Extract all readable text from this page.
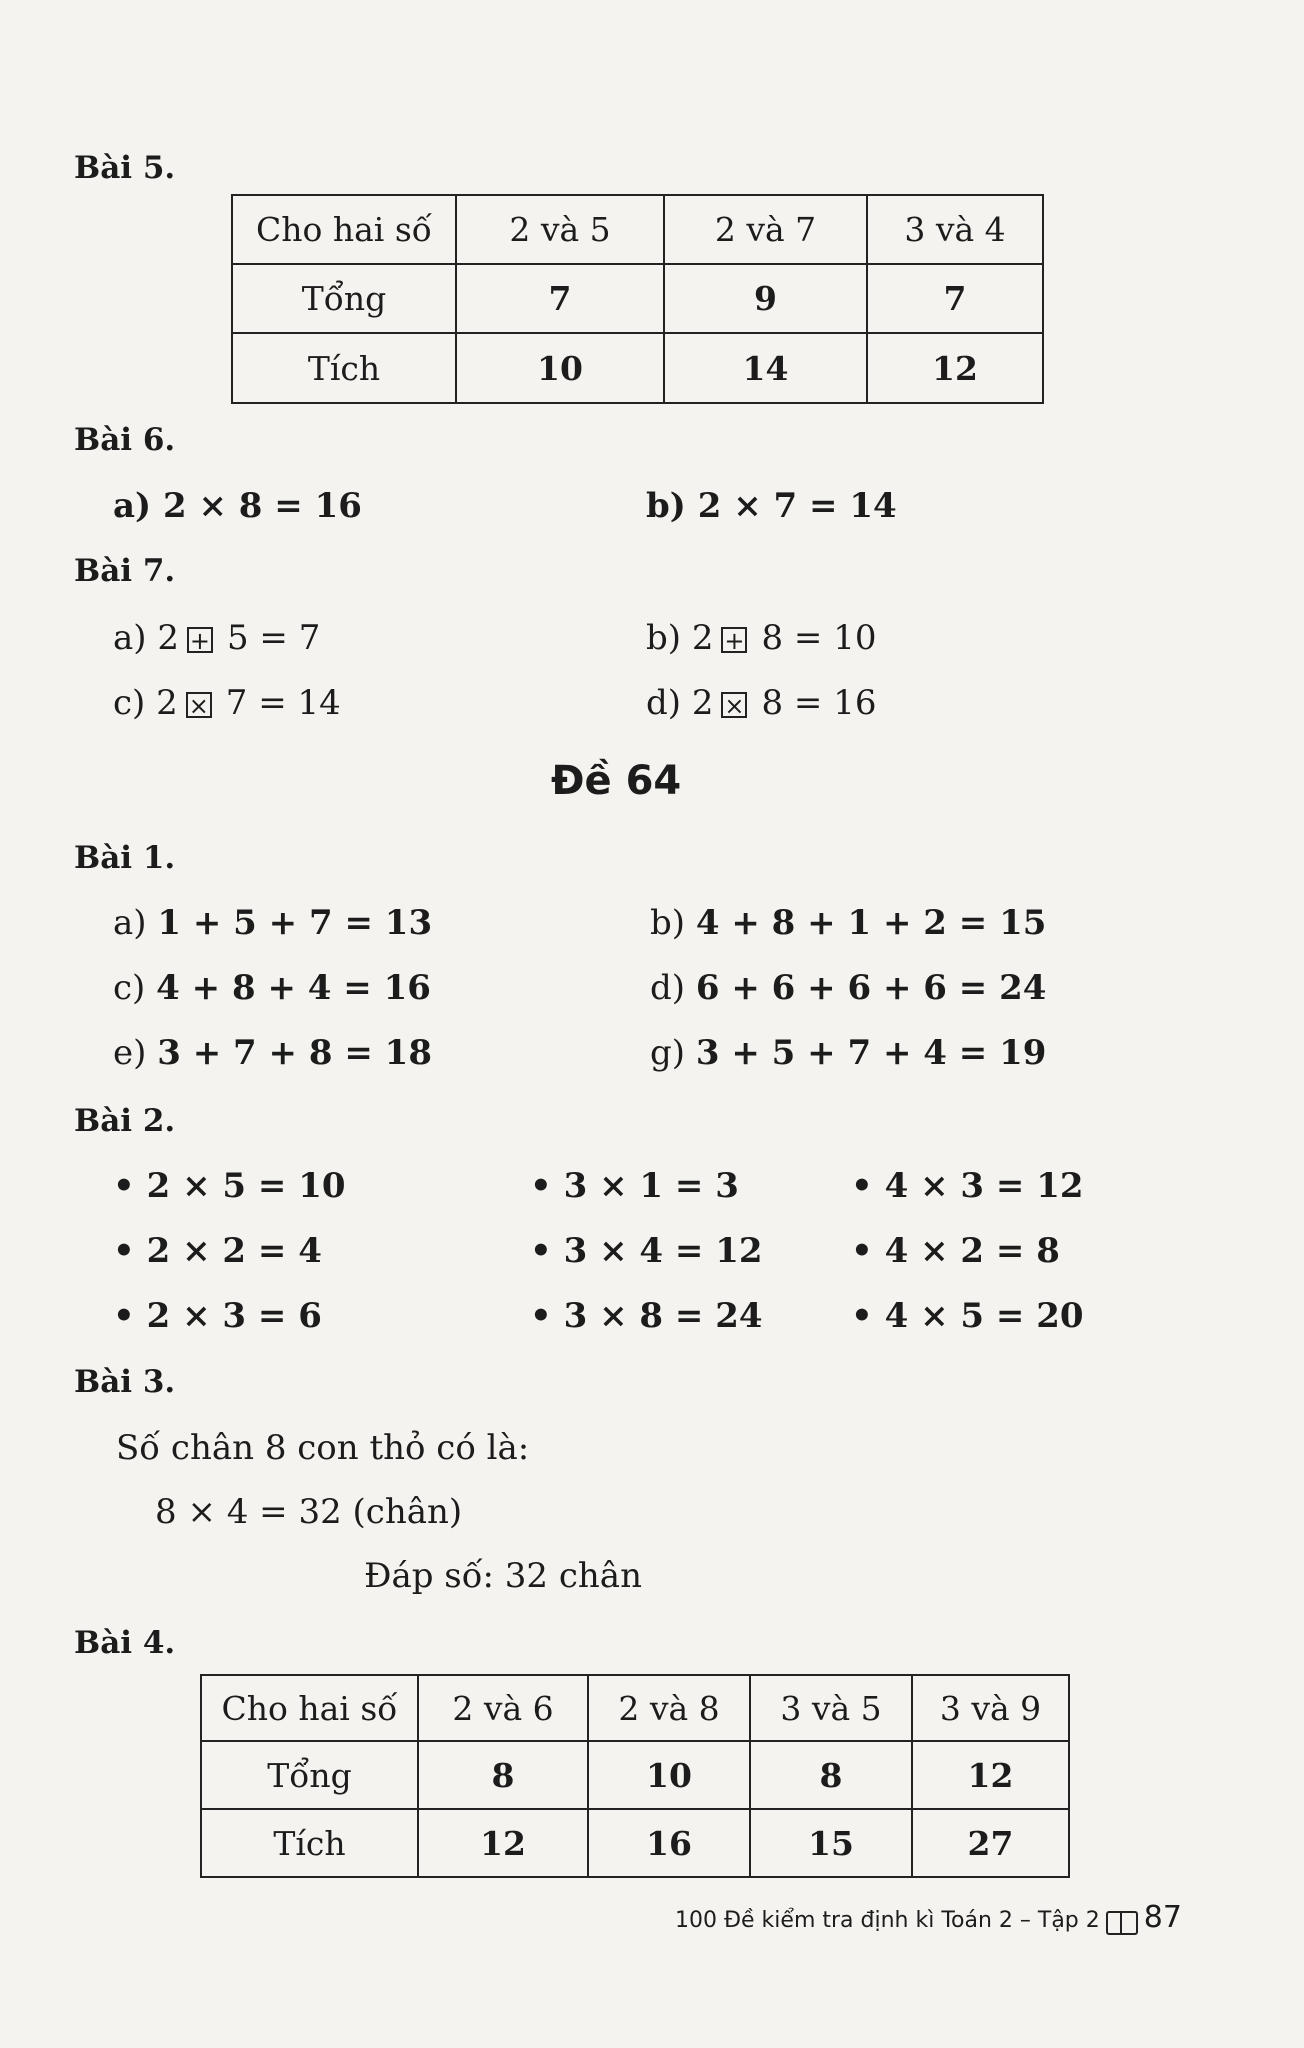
Bài 5.
Cho hai số	2 và 5	2 và 7	3 và 4
Tổng	7	9	7
Tích	10	14	12
Bài 6.
a) 2 × 8 = 16	b) 2 × 7 = 14
Bài 7.
a) 2 + 5 = 7	b) 2 + 8 = 10
c) 2 × 7 = 14	d) 2 × 8 = 16
Đề 64
Bài 1.
a) 1 + 5 + 7 = 13	b) 4 + 8 + 1 + 2 = 15
c) 4 + 8 + 4 = 16	d) 6 + 6 + 6 + 6 = 24
e) 3 + 7 + 8 = 18	g) 3 + 5 + 7 + 4 = 19
Bài 2.
• 2 × 5 = 10	• 3 × 1 = 3	• 4 × 3 = 12
• 2 × 2 = 4	• 3 × 4 = 12	• 4 × 2 = 8
• 2 × 3 = 6	• 3 × 8 = 24	• 4 × 5 = 20
Bài 3.
Số chân 8 con thỏ có là:
8 × 4 = 32 (chân)
Đáp số: 32 chân
Bài 4.
Cho hai số	2 và 6	2 và 8	3 và 5	3 và 9
Tổng	8	10	8	12
Tích	12	16	15	27
100 Đề kiểm tra định kì Toán 2 – Tập 2 87
